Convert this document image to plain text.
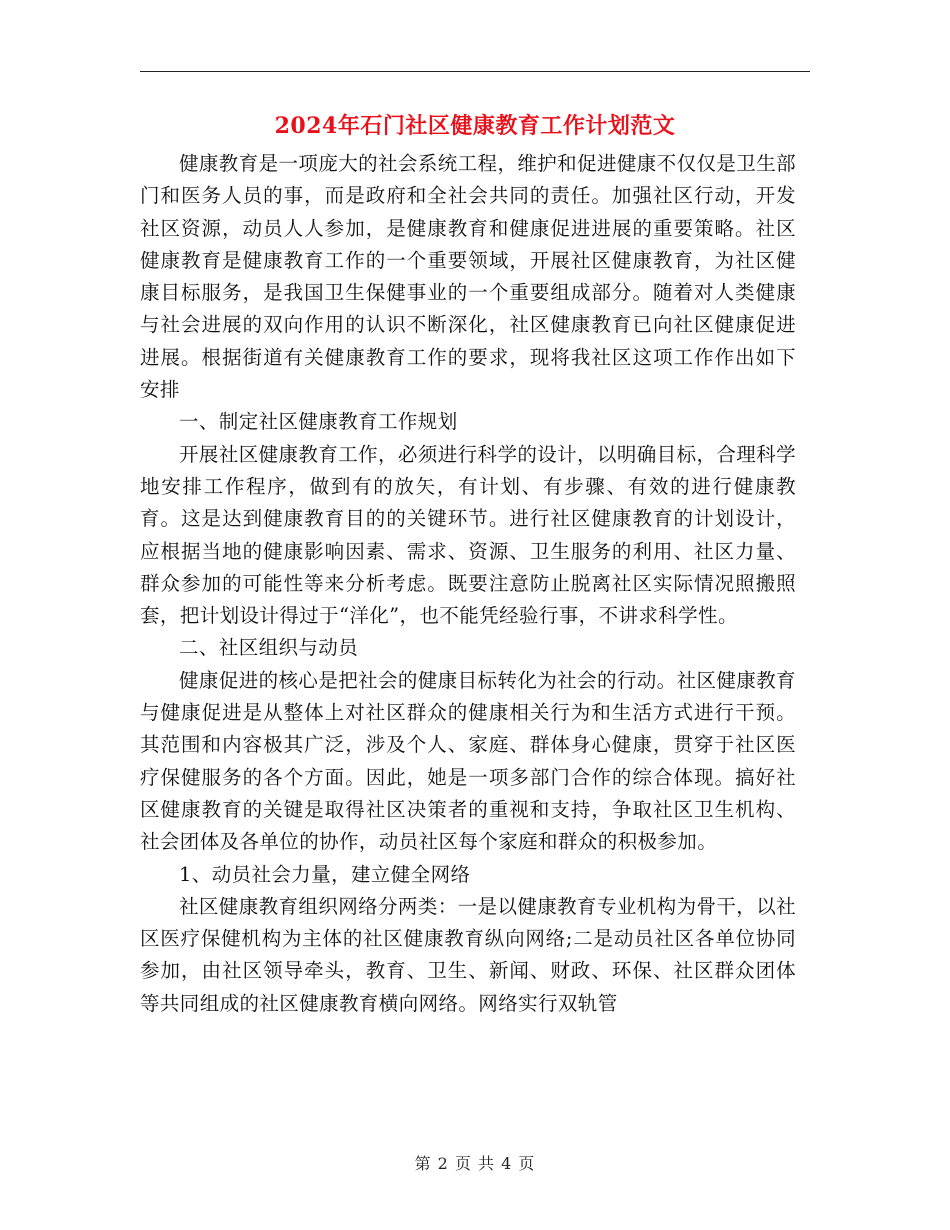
2024年石门社区健康教育工作计划范文

健康教育是一项庞大的社会系统工程，维护和促进健康不仅仅是卫生部门和医务人员的事，而是政府和全社会共同的责任。加强社区行动，开发社区资源，动员人人参加，是健康教育和健康促进进展的重要策略。社区健康教育是健康教育工作的一个重要领域，开展社区健康教育，为社区健康目标服务，是我国卫生保健事业的一个重要组成部分。随着对人类健康与社会进展的双向作用的认识不断深化，社区健康教育已向社区健康促进进展。根据街道有关健康教育工作的要求，现将我社区这项工作作出如下安排

一、制定社区健康教育工作规划

开展社区健康教育工作，必须进行科学的设计，以明确目标，合理科学地安排工作程序，做到有的放矢，有计划、有步骤、有效的进行健康教育。这是达到健康教育目的的关键环节。进行社区健康教育的计划设计，应根据当地的健康影响因素、需求、资源、卫生服务的利用、社区力量、群众参加的可能性等来分析考虑。既要注意防止脱离社区实际情况照搬照套，把计划设计得过于“洋化”，也不能凭经验行事，不讲求科学性。

二、社区组织与动员

健康促进的核心是把社会的健康目标转化为社会的行动。社区健康教育与健康促进是从整体上对社区群众的健康相关行为和生活方式进行干预。其范围和内容极其广泛，涉及个人、家庭、群体身心健康，贯穿于社区医疗保健服务的各个方面。因此，她是一项多部门合作的综合体现。搞好社区健康教育的关键是取得社区决策者的重视和支持，争取社区卫生机构、社会团体及各单位的协作，动员社区每个家庭和群众的积极参加。

1、动员社会力量，建立健全网络

社区健康教育组织网络分两类：一是以健康教育专业机构为骨干，以社区医疗保健机构为主体的社区健康教育纵向网络;二是动员社区各单位协同参加，由社区领导牵头，教育、卫生、新闻、财政、环保、社区群众团体等共同组成的社区健康教育横向网络。网络实行双轨管

第 2 页 共 4 页
